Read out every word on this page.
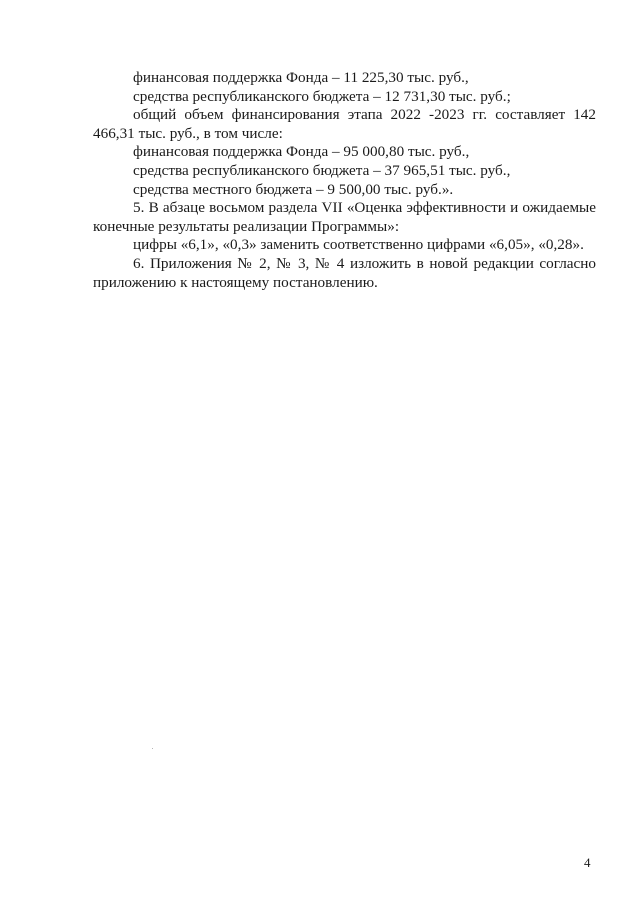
финансовая поддержка Фонда – 11 225,30 тыс. руб.,

средства республиканского бюджета – 12 731,30 тыс. руб.;

общий объем финансирования этапа 2022 -2023 гг. составляет 142 466,31 тыс. руб., в том числе:

финансовая поддержка Фонда – 95 000,80 тыс. руб.,

средства республиканского бюджета – 37 965,51 тыс. руб.,

средства местного бюджета – 9 500,00 тыс. руб.».

5. В абзаце восьмом раздела VII «Оценка эффективности и ожидаемые конечные результаты реализации Программы»:

цифры «6,1», «0,3» заменить соответственно цифрами «6,05», «0,28».

6. Приложения № 2, № 3, № 4 изложить в новой редакции согласно приложению к настоящему постановлению.

4
